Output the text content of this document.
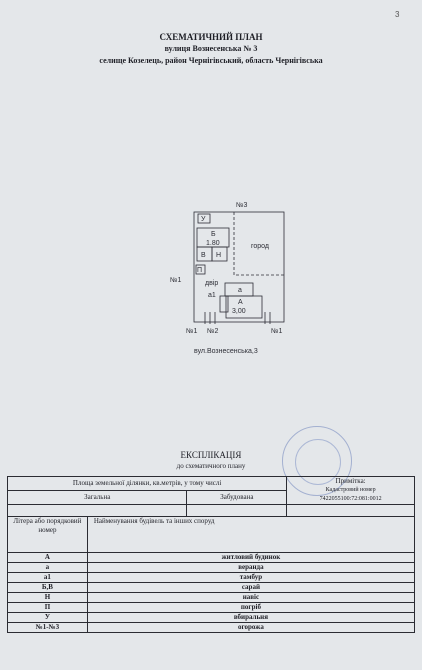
3
СХЕМАТИЧНИЙ ПЛАН
вулиця Вознесенська № 3
селище Козелець, район Чернігівський, область Чернігівська
№3
№1
У
Б
1.80
В Н
П
двір
а1
а
А
3,00
город
№1 №2	№1
вул.Вознесенська,3
ЕКСПЛІКАЦІЯ
до схематичного плану
Площа земельної ділянки, кв.метрів, у тому числі			Примітка:
Кадастровий номер
7422055100:72:081:0012

Загальна		Забудована	

Літера або порядковий номер	Найменування будівель та інших споруд		
А	житловий будинок		
а	веранда		
а1	тамбур		
Б,В	сарай		
Н	навіс		
П	погріб		
У	вбиральня		
№1-№3	огорожа		
